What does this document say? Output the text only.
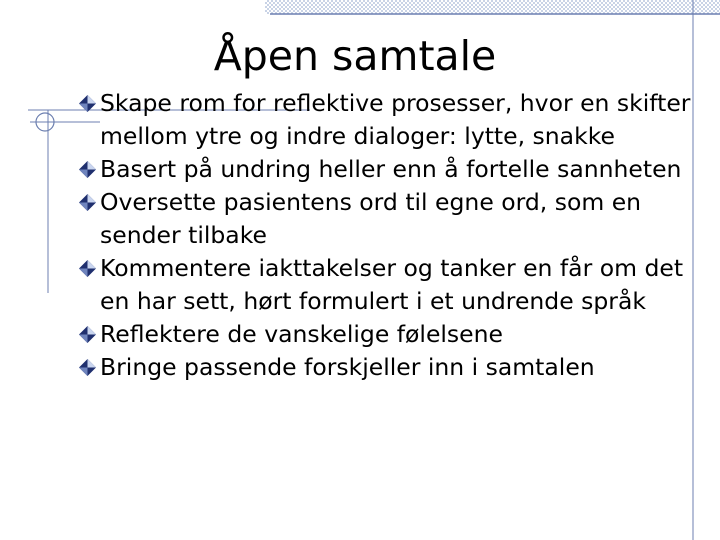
Åpen samtale
Skape rom for reflektive prosesser, hvor en skifter mellom ytre og indre dialoger: lytte, snakke
Basert på undring heller enn å fortelle sannheten
Oversette pasientens ord til egne ord, som en sender tilbake
Kommentere iakttakelser og tanker en får om det en har sett, hørt formulert i et undrende språk
Reflektere de vanskelige følelsene
Bringe passende forskjeller inn i samtalen
